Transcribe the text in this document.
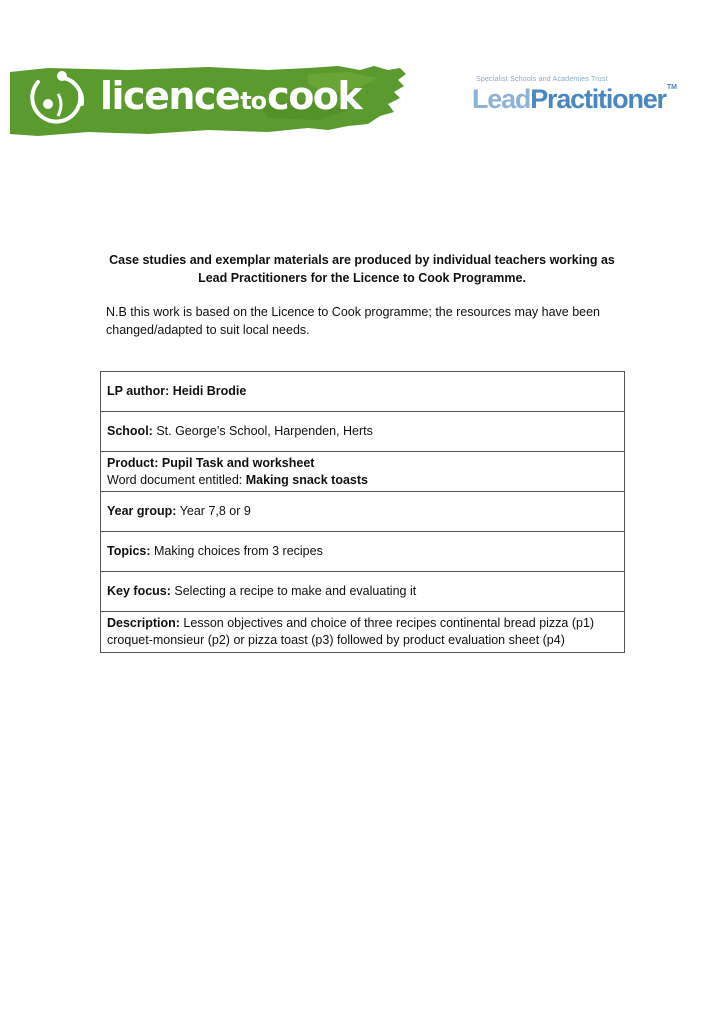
licencetocook	Specialist Schools and Academies Trust
LeadPractitioner™
Case studies and exemplar materials are produced by individual teachers working as
Lead Practitioners for the Licence to Cook Programme.
N.B this work is based on the Licence to Cook programme; the resources may have been changed/adapted to suit local needs.
LP author: Heidi Brodie
School: St. George’s School, Harpenden, Herts

Product: Pupil Task and worksheet
Word document entitled: Making snack toasts

Year group: Year 7,8 or 9
Topics: Making choices from 3 recipes
Key focus: Selecting a recipe to make and evaluating it
Description: Lesson objectives and choice of three recipes continental bread pizza (p1) croquet-monsieur (p2) or pizza toast (p3) followed by product evaluation sheet (p4)
